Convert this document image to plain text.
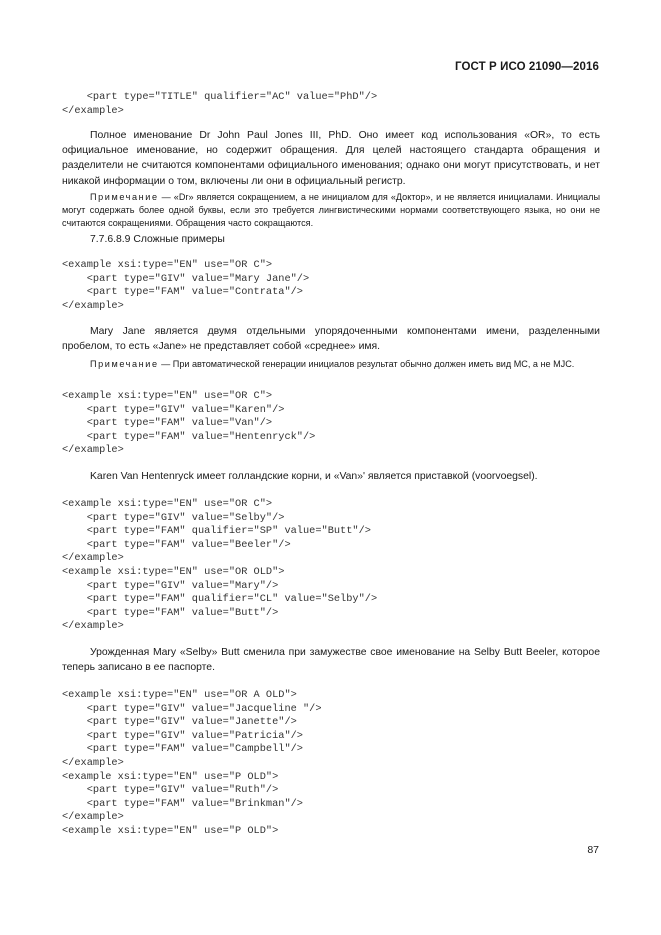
ГОСТ Р ИСО 21090—2016
<part type="TITLE" qualifier="AC" value="PhD"/>
</example>

Полное именование Dr John Paul Jones III, PhD. Оно имеет код использования «OR», то есть официальное именование, но содержит обращения. Для целей настоящего стандарта обращения и разделители не считаются компонентами официального именования; однако они могут присутствовать, и нет никакой информации о том, включены ли они в официальный регистр.

Примечание — «Dr» является сокращением, а не инициалом для «Доктор», и не является инициалами. Инициалы могут содержать более одной буквы, если это требуется лингвистическими нормами соответствующего языка, но они не считаются сокращениями. Обращения часто сокращаются.

7.7.6.8.9 Сложные примеры

<example xsi:type="EN" use="OR C">
<part type="GIV" value="Mary Jane"/>
<part type="FAM" value="Contrata"/>
</example>

Mary Jane является двумя отдельными упорядоченными компонентами имени, разделенными пробелом, то есть «Jane» не представляет собой «среднее» имя.

Примечание — При автоматической генерации инициалов результат обычно должен иметь вид МС, а не MJC.

<example xsi:type="EN" use="OR C">
<part type="GIV" value="Karen"/>
<part type="FAM" value="Van"/>
<part type="FAM" value="Hentenryck"/>
</example>

Karen Van Hentenryck имеет голландские корни, и «Van»' является приставкой (voorvoegsel).

<example xsi:type="EN" use="OR C">
<part type="GIV" value="Selby"/>
<part type="FAM" qualifier="SP" value="Butt"/>
<part type="FAM" value="Beeler"/>
</example>
<example xsi:type="EN" use="OR OLD">
<part type="GIV" value="Mary"/>
<part type="FAM" qualifier="CL" value="Selby"/>
<part type="FAM" value="Butt"/>
</example>

Урожденная Mary «Selby» Butt сменила при замужестве свое именование на Selby Butt Beeler, которое теперь записано в ее паспорте.

<example xsi:type="EN" use="OR A OLD">
<part type="GIV" value="Jacqueline "/>
<part type="GIV" value="Janette"/>
<part type="GIV" value="Patricia"/>
<part type="FAM" value="Campbell"/>
</example>
<example xsi:type="EN" use="P OLD">
<part type="GIV" value="Ruth"/>
<part type="FAM" value="Brinkman"/>
</example>
<example xsi:type="EN" use="P OLD">
87
